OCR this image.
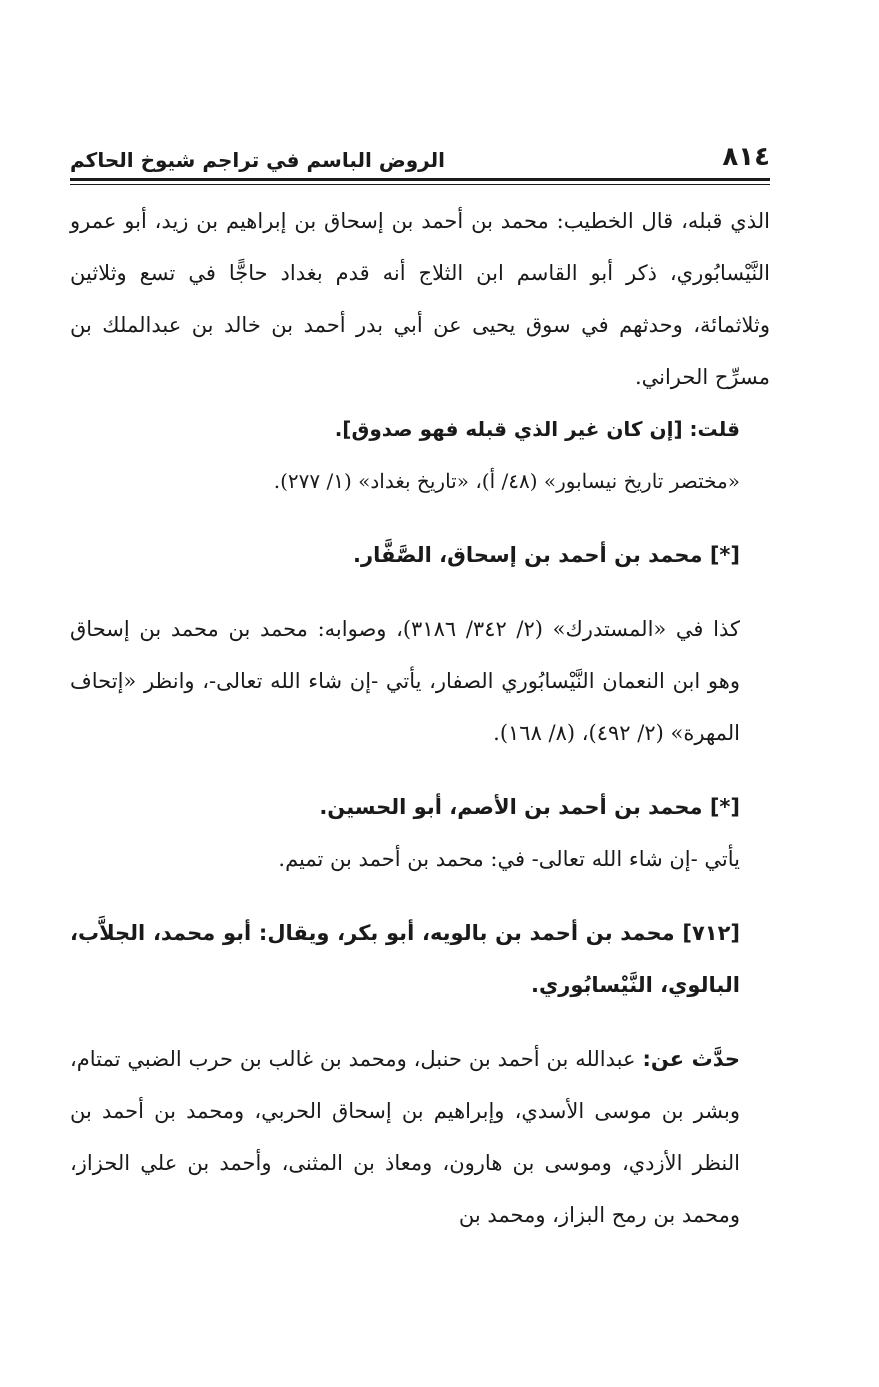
٨١٤
الروض الباسم في تراجم شيوخ الحاكم

الذي قبله، قال الخطيب: محمد بن أحمد بن إسحاق بن إبراهيم بن زيد، أبو عمرو النَّيْسابُوري، ذكر أبو القاسم ابن الثلاج أنه قدم بغداد حاجًّا في تسع وثلاثين وثلاثمائة، وحدثهم في سوق يحيى عن أبي بدر أحمد بن خالد بن عبدالملك بن مسرِّح الحراني.

قلت: [إن كان غير الذي قبله فهو صدوق].

«مختصر تاريخ نيسابور» (٤٨/ أ)، «تاريخ بغداد» (١/ ٢٧٧).

[*] محمد بن أحمد بن إسحاق، الصَّفَّار.

كذا في «المستدرك» (٢/ ٣٤٢/ ٣١٨٦)، وصوابه: محمد بن محمد بن إسحاق وهو ابن النعمان النَّيْسابُوري الصفار، يأتي -إن شاء الله تعالى-، وانظر «إتحاف المهرة» (٢/ ٤٩٢)، (٨/ ١٦٨).

[*] محمد بن أحمد بن الأصم، أبو الحسين.

يأتي -إن شاء الله تعالى- في: محمد بن أحمد بن تميم.

[٧١٢] محمد بن أحمد بن بالويه، أبو بكر، ويقال: أبو محمد، الجلاَّب، البالوي، النَّيْسابُوري.

حدَّث عن: عبدالله بن أحمد بن حنبل، ومحمد بن غالب بن حرب الضبي تمتام، وبشر بن موسى الأسدي، وإبراهيم بن إسحاق الحربي، ومحمد بن أحمد بن النظر الأزدي، وموسى بن هارون، ومعاذ بن المثنى، وأحمد بن علي الحزاز، ومحمد بن رمح البزاز، ومحمد بن
